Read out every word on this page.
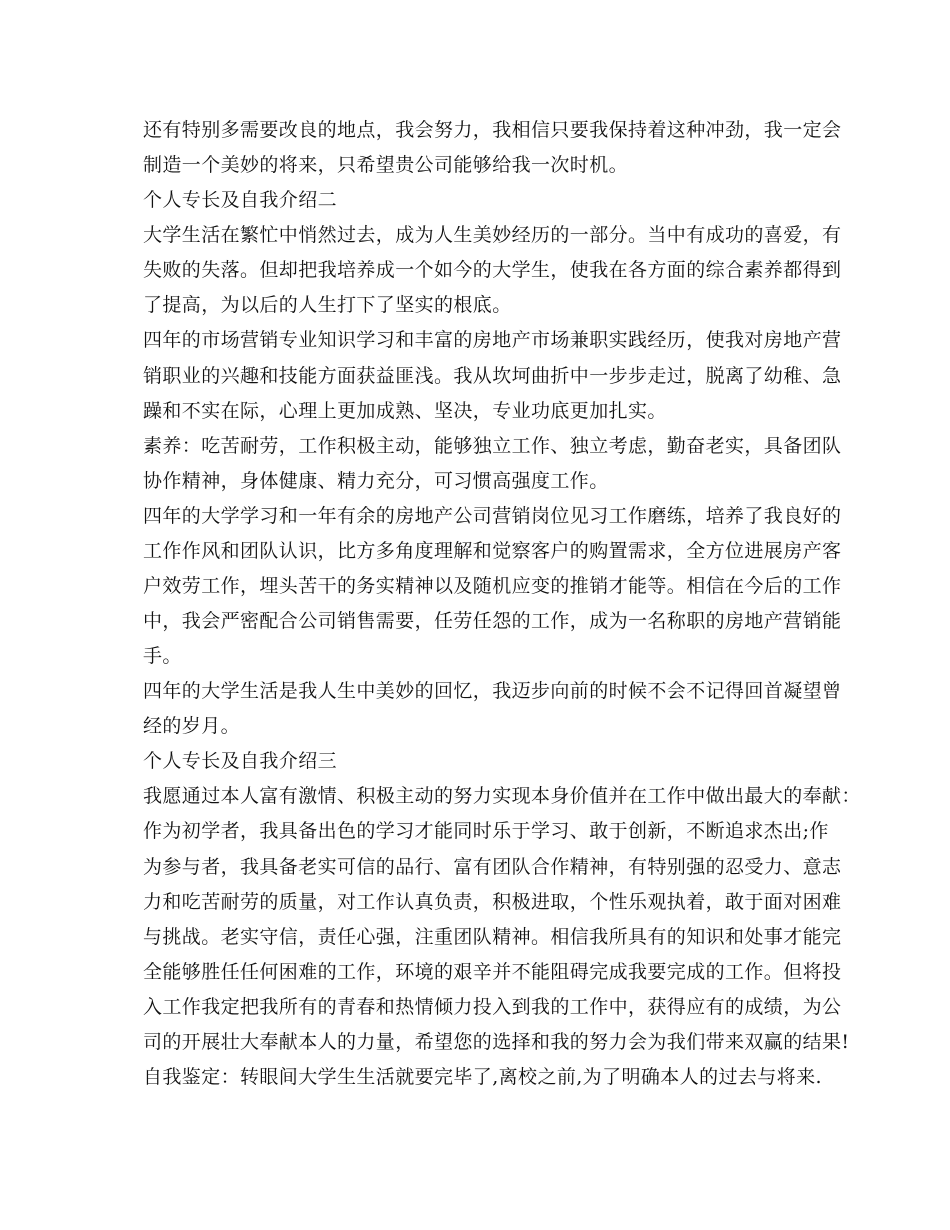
还有特别多需要改良的地点，我会努力，我相信只要我保持着这种冲劲，我一定会
制造一个美妙的将来，只希望贵公司能够给我一次时机。
个人专长及自我介绍二
大学生活在繁忙中悄然过去，成为人生美妙经历的一部分。当中有成功的喜爱，有
失败的失落。但却把我培养成一个如今的大学生，使我在各方面的综合素养都得到
了提高，为以后的人生打下了坚实的根底。
四年的市场营销专业知识学习和丰富的房地产市场兼职实践经历，使我对房地产营
销职业的兴趣和技能方面获益匪浅。我从坎坷曲折中一步步走过，脱离了幼稚、急
躁和不实在际，心理上更加成熟、坚决，专业功底更加扎实。
素养：吃苦耐劳，工作积极主动，能够独立工作、独立考虑，勤奋老实，具备团队
协作精神，身体健康、精力充分，可习惯高强度工作。
四年的大学学习和一年有余的房地产公司营销岗位见习工作磨练，培养了我良好的
工作作风和团队认识，比方多角度理解和觉察客户的购置需求，全方位进展房产客
户效劳工作，埋头苦干的务实精神以及随机应变的推销才能等。相信在今后的工作
中，我会严密配合公司销售需要，任劳任怨的工作，成为一名称职的房地产营销能
手。
四年的大学生活是我人生中美妙的回忆，我迈步向前的时候不会不记得回首凝望曾
经的岁月。
个人专长及自我介绍三
我愿通过本人富有激情、积极主动的努力实现本身价值并在工作中做出最大的奉献：
作为初学者，我具备出色的学习才能同时乐于学习、敢于创新，不断追求杰出;作
为参与者，我具备老实可信的品行、富有团队合作精神，有特别强的忍受力、意志
力和吃苦耐劳的质量，对工作认真负责，积极进取，个性乐观执着，敢于面对困难
与挑战。老实守信，责任心强，注重团队精神。相信我所具有的知识和处事才能完
全能够胜任任何困难的工作，环境的艰辛并不能阻碍完成我要完成的工作。但将投
入工作我定把我所有的青春和热情倾力投入到我的工作中，获得应有的成绩，为公
司的开展壮大奉献本人的力量，希望您的选择和我的努力会为我们带来双赢的结果!
自我鉴定：转眼间大学生生活就要完毕了,离校之前,为了明确本人的过去与将来.
